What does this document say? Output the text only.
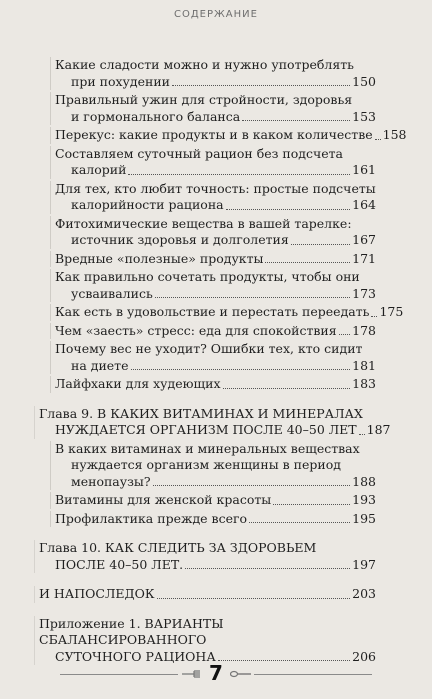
СОДЕРЖАНИЕ
Какие сладости можно и нужно употреблять
при похудении	150
Правильный ужин для стройности, здоровья
и гормонального баланса	153
Перекус: какие продукты и в каком количестве 158
Составляем суточный рацион без подсчета
калорий	161
Для тех, кто любит точность: простые подсчеты
калорийности рациона	164
Фитохимические вещества в вашей тарелке:
источник здоровья и долголетия	167
Вредные «полезные» продукты	171
Как правильно сочетать продукты, чтобы они
усваивались	173
Как есть в удовольствие и перестать переедать 175
Чем «заесть» стресс: еда для спокойствия 178
Почему вес не уходит? Ошибки тех, кто сидит
на диете	181
Лайфхаки для худеющих	183
Глава 9. В КАКИХ ВИТАМИНАХ И МИНЕРАЛАХ
НУЖДАЕТСЯ ОРГАНИЗМ ПОСЛЕ 40–50 ЛЕТ 187
В каких витаминах и минеральных веществах
нуждается организм женщины в период
менопаузы?	188
Витамины для женской красоты	193
Профилактика прежде всего	195
Глава 10. КАК СЛЕДИТЬ ЗА ЗДОРОВЬЕМ
ПОСЛЕ 40–50 ЛЕТ.	197
И НАПОСЛЕДОК	203
Приложение 1. ВАРИАНТЫ СБАЛАНСИРОВАННОГО
СУТОЧНОГО РАЦИОНА	206
7
